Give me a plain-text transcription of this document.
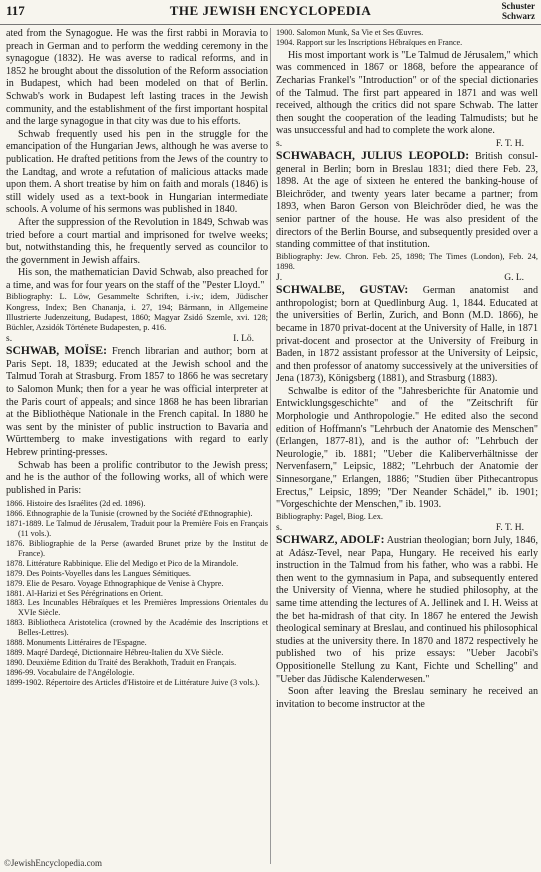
117	THE JEWISH ENCYCLOPEDIA	Schuster
Schwarz

ated from the Synagogue. He was the first rabbi in Moravia to preach in German and to perform the wedding ceremony in the synagogue (1832). He was averse to radical reforms, and in 1852 he brought about the dissolution of the Reform association in Budapest, which had been modeled on that of Berlin. Schwab's work in Budapest left lasting traces in the Jewish community, and the establishment of the first important hospital and the large synagogue in that city was due to his efforts.

Schwab frequently used his pen in the struggle for the emancipation of the Hungarian Jews, although he was averse to publication. He drafted petitions from the Jews of the country to the Landtag, and wrote a refutation of malicious attacks made upon them. A short treatise by him on faith and morals (1846) is still widely used as a text-book in Hungarian intermediate schools. A volume of his sermons was published in 1840.

After the suppression of the Revolution in 1849, Schwab was tried before a court martial and imprisoned for twelve weeks; but, notwithstanding this, he frequently served as councilor to the government in Jewish affairs.

His son, the mathematician David Schwab, also preached for a time, and was for four years on the staff of the "Pester Lloyd."

Bibliography: L. Löw, Gesammelte Schriften, i.-iv.; idem, Jüdischer Kongress, Index; Ben Chananja, i. 27, 194; Bärmann, in Allgemeine Illustrierte Judenzeitung, Budapest, 1860; Magyar Zsidó Szemle, xvi. 128; Büchler, Azsidók Története Budapesten, p. 416.

s.	I. Lö.

SCHWAB, MOÏSE: French librarian and author; born at Paris Sept. 18, 1839; educated at the Jewish school and the Talmud Torah at Strasburg. From 1857 to 1866 he was secretary to Salomon Munk; then for a year he was official interpreter at the Paris court of appeals; and since 1868 he has been librarian at the Bibliothèque Nationale in the French capital. In 1880 he was sent by the minister of public instruction to Bavaria and Württemberg to make investigations with regard to early Hebrew printing-presses.

Schwab has been a prolific contributor to the Jewish press; and he is the author of the following works, all of which were published in Paris:

1866. Histoire des Israélites (2d ed. 1896).
1866. Ethnographie de la Tunisie (crowned by the Société d'Ethnographie).
1871-1889. Le Talmud de Jérusalem, Traduit pour la Première Fois en Français (11 vols.).
1876. Bibliographie de la Perse (awarded Brunet prize by the Institut de France).
1878. Littérature Rabbinique. Elie del Medigo et Pico de la Mirandole.
1879. Des Points-Voyelles dans les Langues Sémitiques.
1879. Elie de Pesaro. Voyage Ethnographique de Venise à Chypre.
1881. Al-Harizi et Ses Pérégrinations en Orient.
1883. Les Incunables Hébraïques et les Premières Impressions Orientales du XVIe Siècle.
1883. Bibliotheca Aristotelica (crowned by the Académie des Inscriptions et Belles-Lettres).
1888. Monuments Littéraires de l'Espagne.
1889. Maqré Dardeqé, Dictionnaire Hébreu-Italien du XVe Siècle.
1890. Deuxième Edition du Traité des Berakhoth, Traduit en Français.
1896-99. Vocabulaire de l'Angélologie.
1899-1902. Répertoire des Articles d'Histoire et de Littérature Juive (3 vols.).
1900. Salomon Munk, Sa Vie et Ses Œuvres.
1904. Rapport sur les Inscriptions Hébraïques en France.

His most important work is "Le Talmud de Jérusalem," which was commenced in 1867 or 1868, before the appearance of Zecharias Frankel's "Introduction" or of the special dictionaries of the Talmud. The first part appeared in 1871 and was well received, although the critics did not spare Schwab. The latter then sought the cooperation of the leading Talmudists; but he was unsuccessful and had to complete the work alone.

s.	F. T. H.

SCHWABACH, JULIUS LEOPOLD: British consul-general in Berlin; born in Breslau 1831; died there Feb. 23, 1898. At the age of sixteen he entered the banking-house of Bleichröder, and twenty years later became a partner; from 1893, when Baron Gerson von Bleichröder died, he was the senior partner of the house. He was also president of the directors of the Berlin Bourse, and subsequently presided over a standing committee of that institution.

Bibliography: Jew. Chron. Feb. 25, 1898; The Times (London), Feb. 24, 1898.

J.	G. L.

SCHWALBE, GUSTAV: German anatomist and anthropologist; born at Quedlinburg Aug. 1, 1844. Educated at the universities of Berlin, Zurich, and Bonn (M.D. 1866), he became in 1870 privat-docent at the University of Halle, in 1871 privat-docent and prosector at the University of Freiburg in Baden, in 1872 assistant professor at the University of Leipsic, and then professor of anatomy successively at the universities of Jena (1873), Königsberg (1881), and Strasburg (1883).

Schwalbe is editor of the "Jahresberichte für Anatomie und Entwicklungsgeschichte" and of the "Zeitschrift für Morphologie und Anthropologie." He edited also the second edition of Hoffmann's "Lehrbuch der Anatomie des Menschen" (Erlangen, 1877-81), and is the author of: "Lehrbuch der Neurologie," ib. 1881; "Ueber die Kaliberverhältnisse der Nervenfasern," Leipsic, 1882; "Lehrbuch der Anatomie der Sinnesorgane," Erlangen, 1886; "Studien über Pithecantropus Erectus," Leipsic, 1899; "Der Neander Schädel," ib. 1901; "Vorgeschichte der Menschen," ib. 1903.

Bibliography: Pagel, Biog. Lex.

s.	F. T. H.

SCHWARZ, ADOLF: Austrian theologian; born July, 1846, at Adász-Tevel, near Papa, Hungary. He received his early instruction in the Talmud from his father, who was a rabbi. He then went to the gymnasium in Papa, and subsequently entered the University of Vienna, where he studied philosophy, at the same time attending the lectures of A. Jellinek and I. H. Weiss at the bet ha-midrash of that city. In 1867 he entered the Jewish theological seminary at Breslau, and continued his philosophical studies at the university there. In 1870 and 1872 respectively he published two of his prize essays: "Ueber Jacobi's Oppositionelle Stellung zu Kant, Fichte und Schelling" and "Ueber das Jüdische Kalenderwesen."

Soon after leaving the Breslau seminary he received an invitation to become instructor at the

©JewishEncyclopedia.com
